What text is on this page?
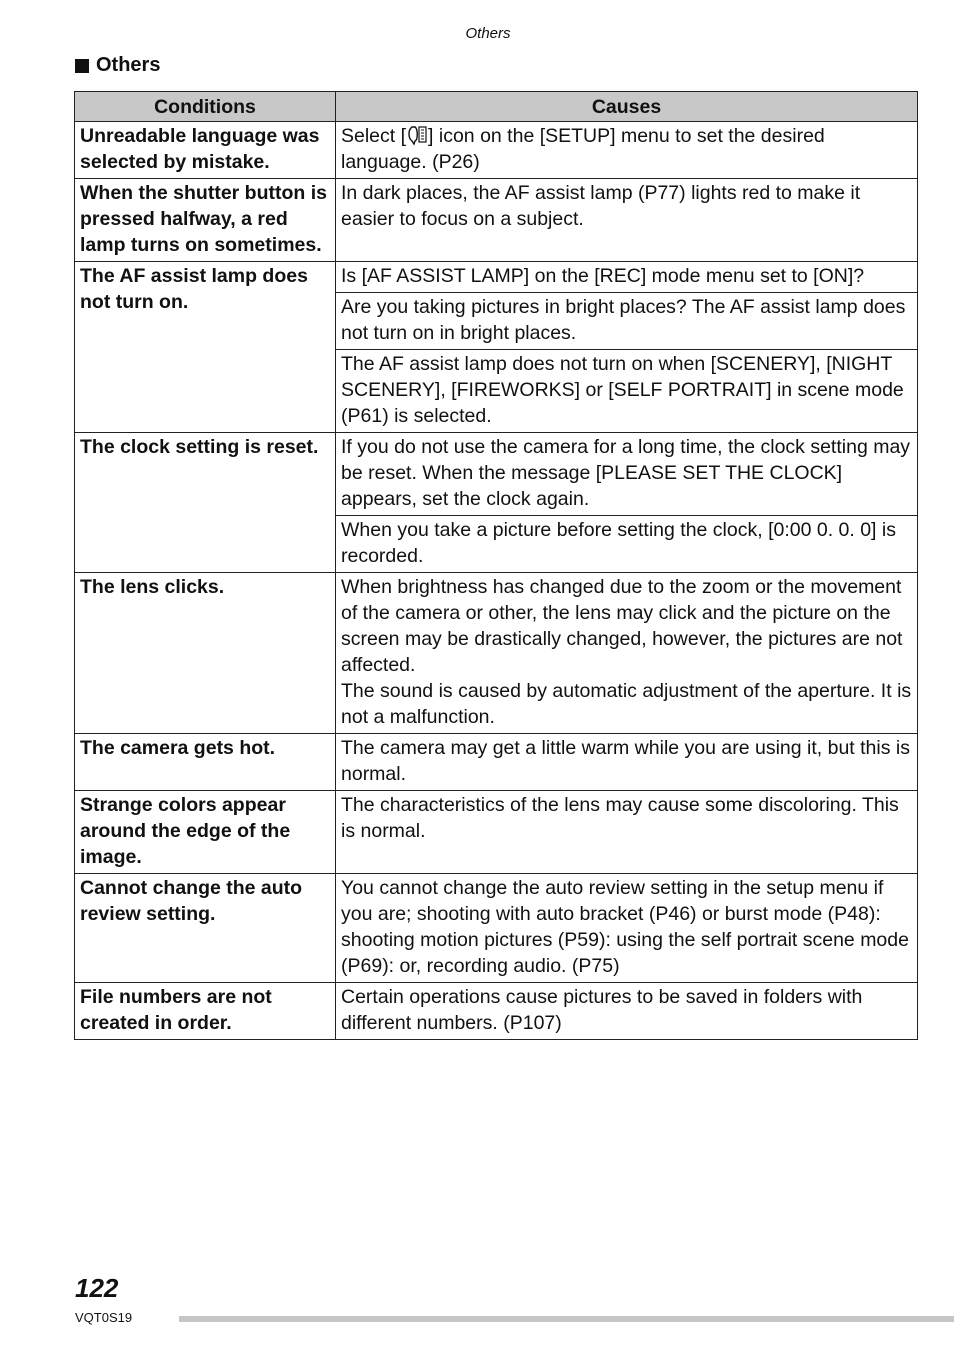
Others
Others
Conditions	Causes
Unreadable language was selected by mistake.	Select [ ] icon on the [SETUP] menu to set the desired language. (P26)
When the shutter button is pressed halfway, a red lamp turns on sometimes.	In dark places, the AF assist lamp (P77) lights red to make it easier to focus on a subject.
The AF assist lamp does not turn on.	Is [AF ASSIST LAMP] on the [REC] mode menu set to [ON]?
	Are you taking pictures in bright places? The AF assist lamp does not turn on in bright places.
	The AF assist lamp does not turn on when [SCENERY], [NIGHT SCENERY], [FIREWORKS] or [SELF PORTRAIT] in scene mode (P61) is selected.
The clock setting is reset.	If you do not use the camera for a long time, the clock setting may be reset. When the message [PLEASE SET THE CLOCK] appears, set the clock again.
	When you take a picture before setting the clock, [0:00 0. 0. 0] is recorded.
The lens clicks.	When brightness has changed due to the zoom or the movement of the camera or other, the lens may click and the picture on the screen may be drastically changed, however, the pictures are not affected.
The sound is caused by automatic adjustment of the aperture. It is not a malfunction.
The camera gets hot.	The camera may get a little warm while you are using it, but this is normal.
Strange colors appear around the edge of the image.	The characteristics of the lens may cause some discoloring. This is normal.
Cannot change the auto review setting.	You cannot change the auto review setting in the setup menu if you are; shooting with auto bracket (P46) or burst mode (P48): shooting motion pictures (P59): using the self portrait scene mode (P69): or, recording audio. (P75)
File numbers are not created in order.	Certain operations cause pictures to be saved in folders with different numbers. (P107)
122
VQT0S19
